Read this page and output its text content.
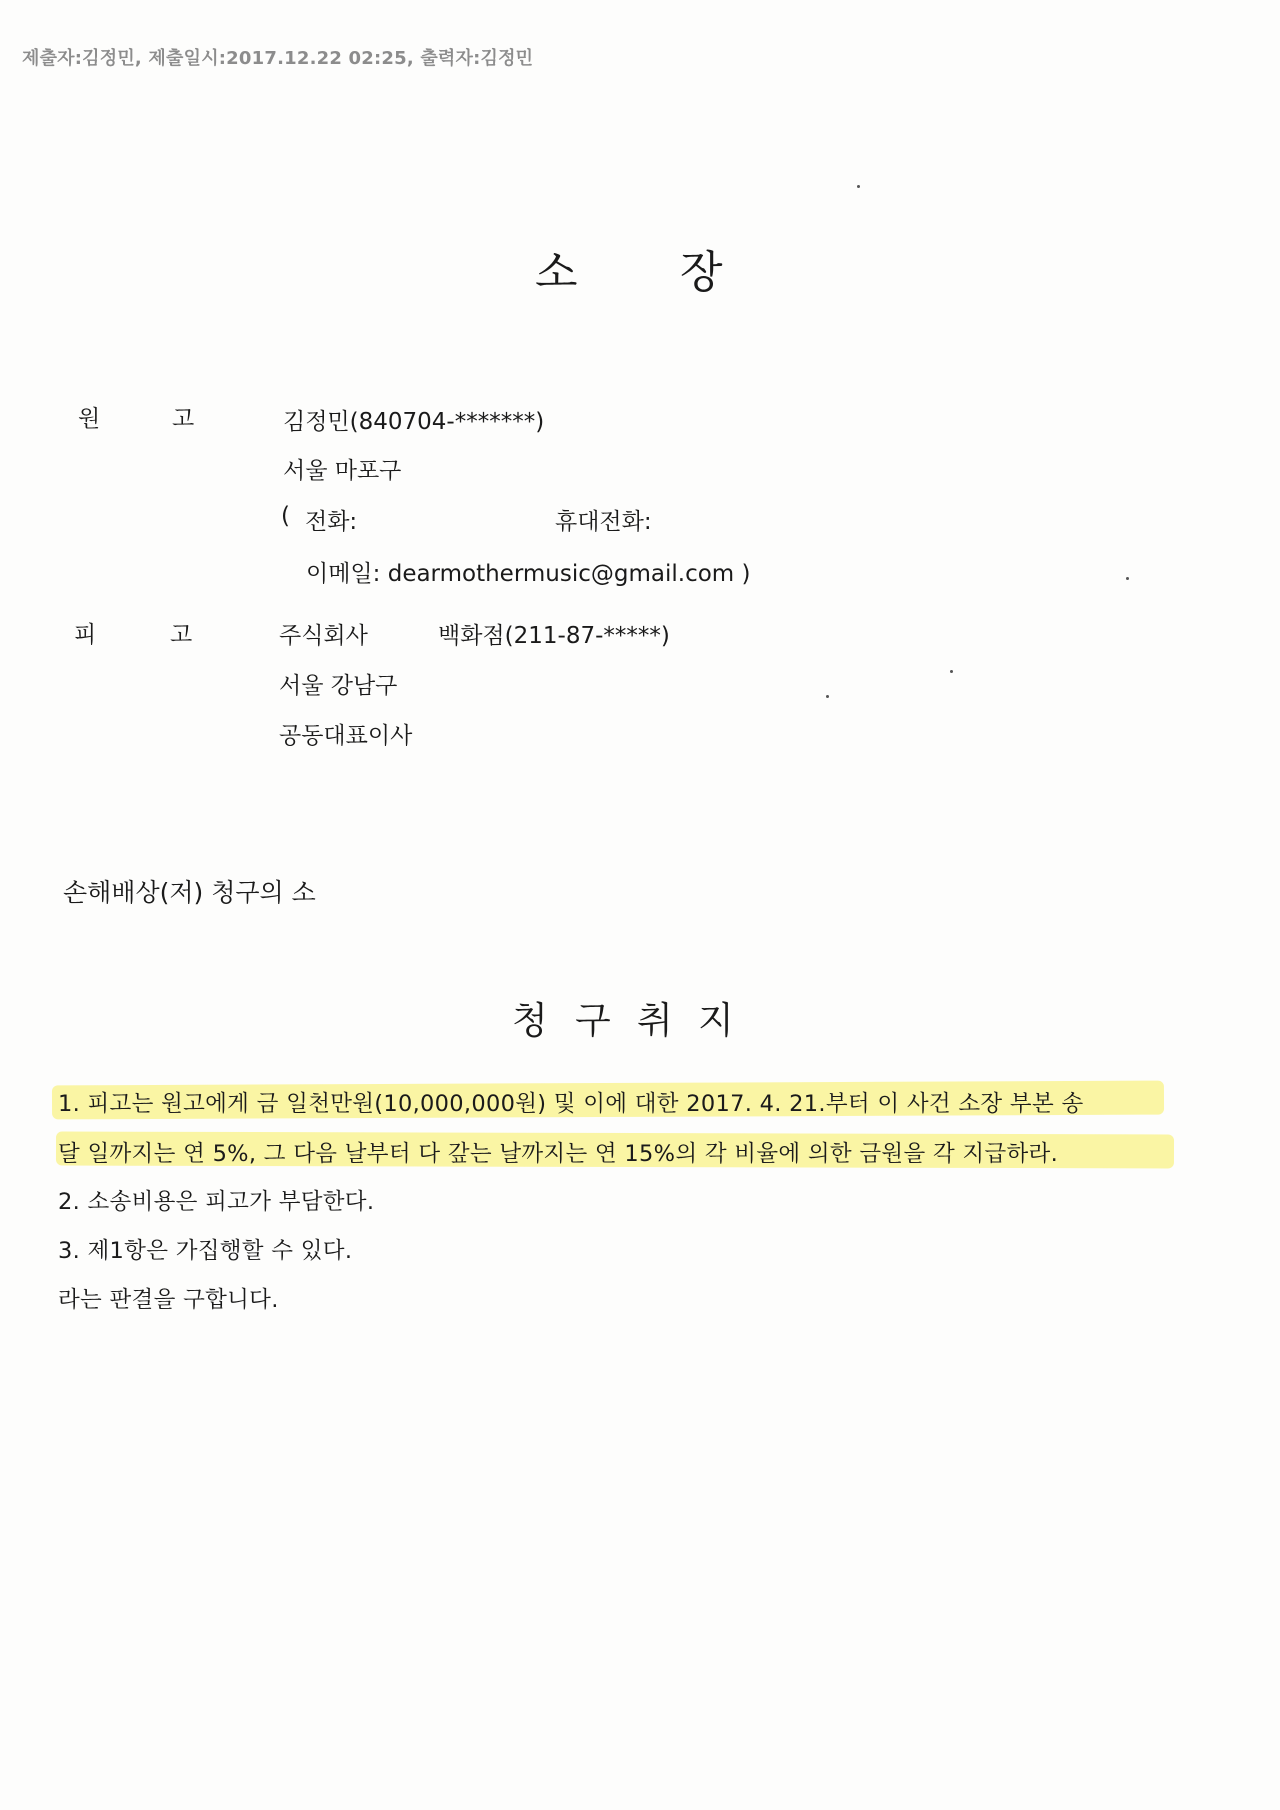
제출자:김정민, 제출일시:2017.12.22 02:25, 출력자:김정민
소 장
원	고	김정민(840704-*******)
서울 마포구
( 전화:	휴대전화:
이메일: dearmothermusic@gmail.com )
피	고	주식회사	백화점(211-87-*****)
서울 강남구
공동대표이사
손해배상(저) 청구의 소
청 구 취 지
1. 피고는 원고에게 금 일천만원(10,000,000원) 및 이에 대한 2017. 4. 21.부터 이 사건 소장 부본 송
달 일까지는 연 5%, 그 다음 날부터 다 갚는 날까지는 연 15%의 각 비율에 의한 금원을 각 지급하라.
2. 소송비용은 피고가 부담한다.
3. 제1항은 가집행할 수 있다.
라는 판결을 구합니다.
